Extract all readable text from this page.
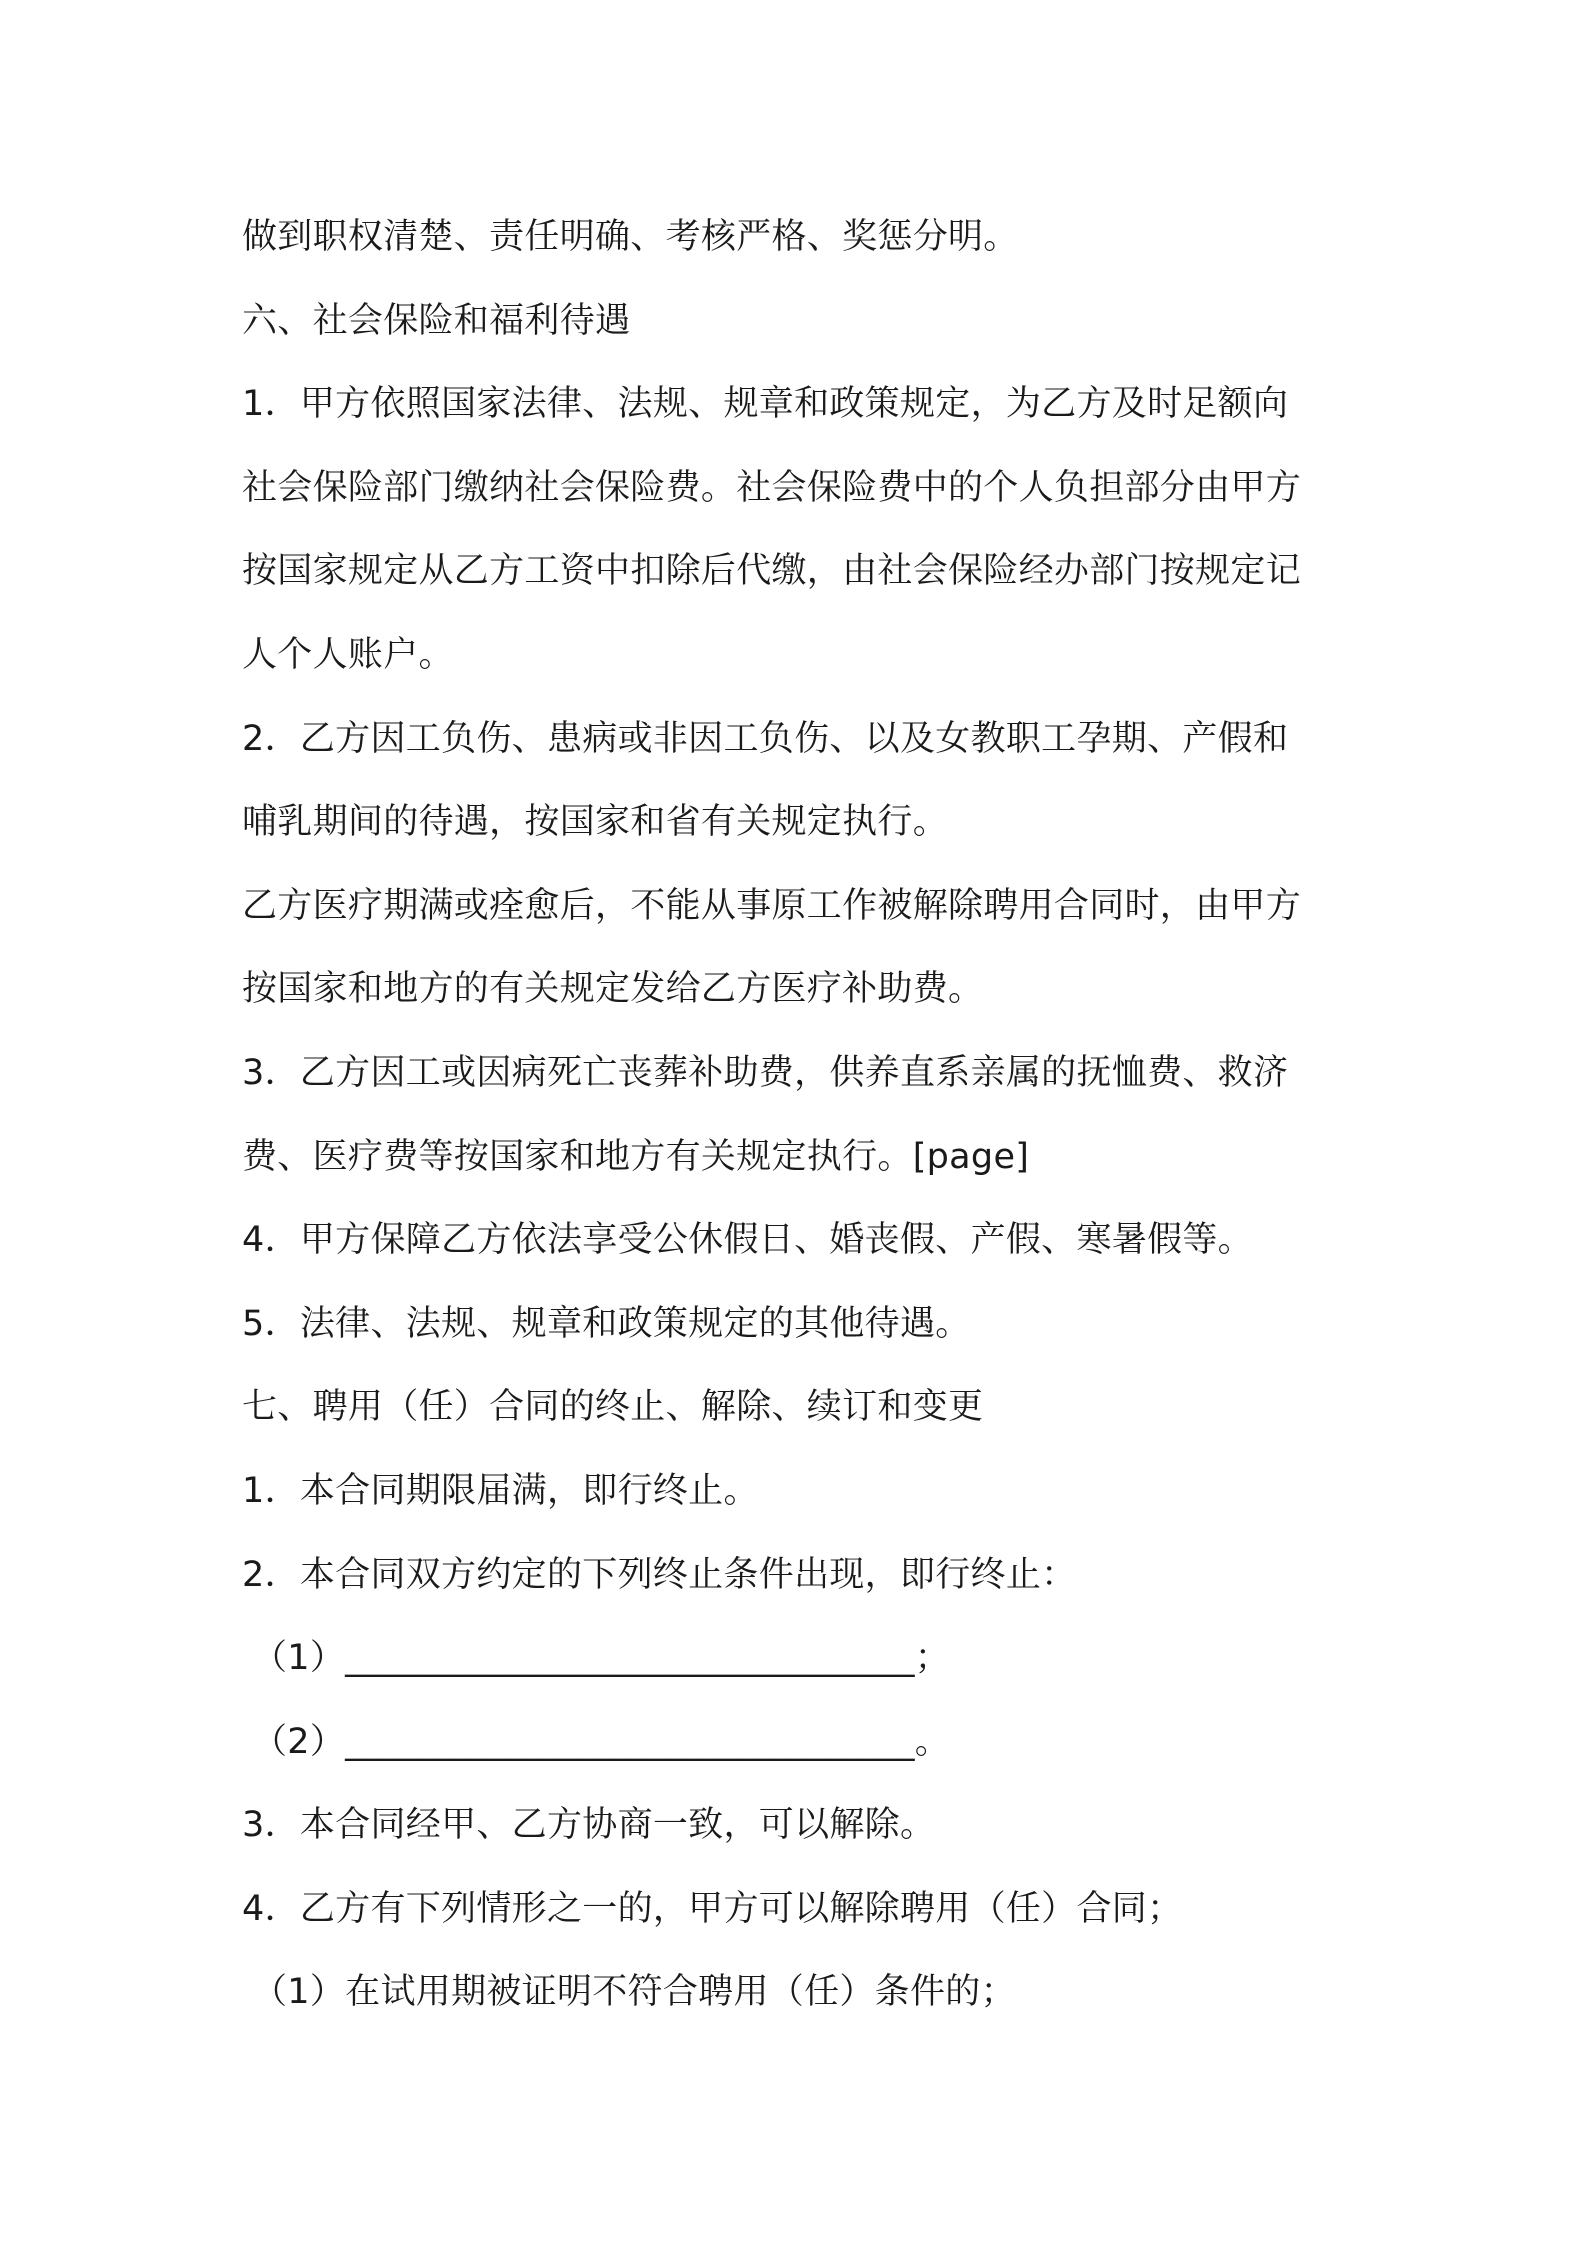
做到职权清楚、责任明确、考核严格、奖惩分明。
六、社会保险和福利待遇
1．甲方依照国家法律、法规、规章和政策规定，为乙方及时足额向
社会保险部门缴纳社会保险费。社会保险费中的个人负担部分由甲方
按国家规定从乙方工资中扣除后代缴，由社会保险经办部门按规定记
人个人账户。
2．乙方因工负伤、患病或非因工负伤、以及女教职工孕期、产假和
哺乳期间的待遇，按国家和省有关规定执行。
乙方医疗期满或痊愈后，不能从事原工作被解除聘用合同时，由甲方
按国家和地方的有关规定发给乙方医疗补助费。
3．乙方因工或因病死亡丧葬补助费，供养直系亲属的抚恤费、救济
费、医疗费等按国家和地方有关规定执行。[page]
4．甲方保障乙方依法享受公休假日、婚丧假、产假、寒暑假等。
5．法律、法规、规章和政策规定的其他待遇。
七、聘用（任）合同的终止、解除、续订和变更
1．本合同期限届满，即行终止。
2．本合同双方约定的下列终止条件出现，即行终止：
（1）________________________________；
（2）________________________________。
3．本合同经甲、乙方协商一致，可以解除。
4．乙方有下列情形之一的，甲方可以解除聘用（任）合同；
（1）在试用期被证明不符合聘用（任）条件的；
